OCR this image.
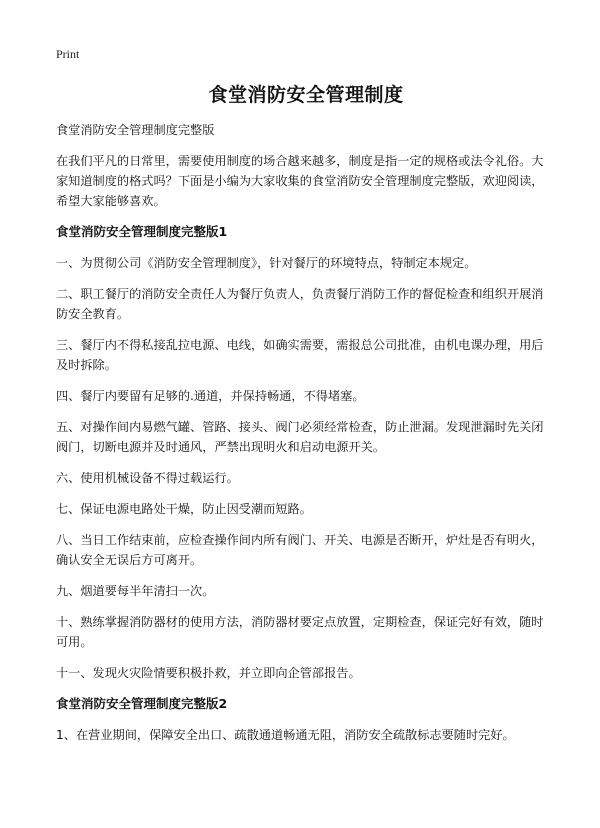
Print
食堂消防安全管理制度

食堂消防安全管理制度完整版

在我们平凡的日常里，需要使用制度的场合越来越多，制度是指一定的规格或法令礼俗。大家知道制度的格式吗？下面是小编为大家收集的食堂消防安全管理制度完整版，欢迎阅读，希望大家能够喜欢。

食堂消防安全管理制度完整版1

一、为贯彻公司《消防安全管理制度》，针对餐厅的环境特点，特制定本规定。

二、职工餐厅的消防安全责任人为餐厅负责人，负责餐厅消防工作的督促检查和组织开展消防安全教育。

三、餐厅内不得私接乱拉电源、电线，如确实需要，需报总公司批准，由机电课办理，用后及时拆除。

四、餐厅内要留有足够的.通道，并保持畅通，不得堵塞。

五、对操作间内易燃气罐、管路、接头、阀门必须经常检查，防止泄漏。发现泄漏时先关闭阀门，切断电源并及时通风，严禁出现明火和启动电源开关。

六、使用机械设备不得过载运行。

七、保证电源电路处干燥，防止因受潮而短路。

八、当日工作结束前，应检查操作间内所有阀门、开关、电源是否断开，炉灶是否有明火，确认安全无误后方可离开。

九、烟道要每半年清扫一次。

十、熟练掌握消防器材的使用方法，消防器材要定点放置，定期检查，保证完好有效，随时可用。

十一、发现火灾险情要积极扑救，并立即向企管部报告。

食堂消防安全管理制度完整版2

1、在营业期间，保障安全出口、疏散通道畅通无阻，消防安全疏散标志要随时完好。
